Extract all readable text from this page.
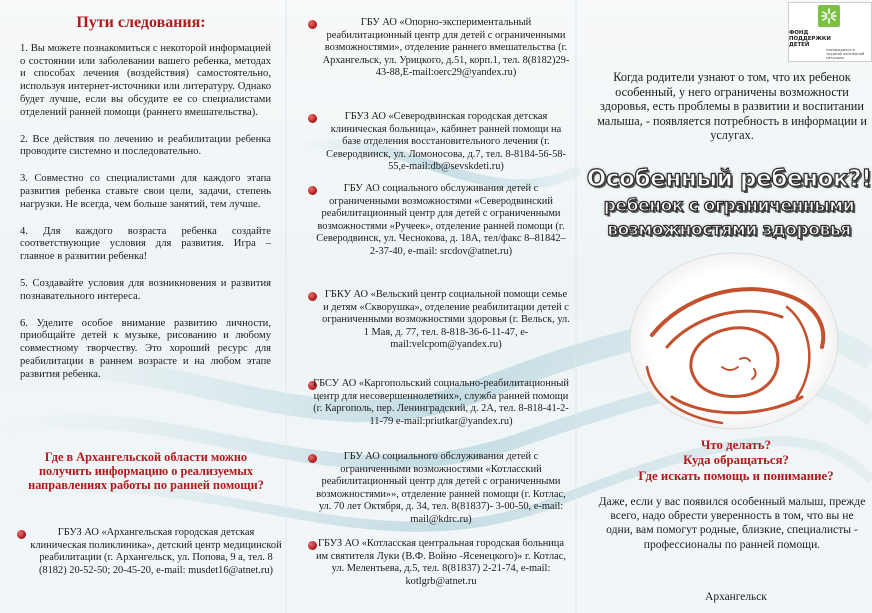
Пути следования:

1. Вы можете познакомиться с некоторой информацией о состоянии или заболевании вашего ребенка, методах и способах лечения (воздействия) самостоятельно, используя интернет-источники или литературу. Однако будет лучше, если вы обсудите ее со специалистами отделений ранней помощи (раннего вмешательства).

2. Все действия по лечению и реабилитации ребенка проводите системно и последовательно.

3. Совместно со специалистами для каждого этапа развития ребенка ставьте свои цели, задачи, степень нагрузки. Не всегда, чем больше занятий, тем лучше.

4. Для каждого возраста ребенка создайте соответствующие условия для развития. Игра – главное в развитии ребенка!

5. Создавайте условия для возникновения и развития познавательного интереса.

6. Уделите особое внимание развитию личности, приобщайте детей к музыке, рисованию и любому совместному творчеству. Это хороший ресурс для реабилитации в раннем возрасте и на любом этапе развития ребенка.

Где в Архангельской области можно получить информацию о реализуемых направлениях работы по ранней помощи?
ГБУЗ АО «Архангельская городская детская клиническая поликлиника», детский центр медицинской реабилитации (г. Архангельск, ул. Попова, 9 а, тел. 8 (8182) 20-52-50; 20-45-20, e-mail: musdet16@atnet.ru)
ГБУ АО «Опорно-экспериментальный реабилитационный центр для детей с ограниченными возможностями», отделение раннего вмешательства (г. Архангельск, ул. Урицкого, д.51, корп.1, тел. 8(8182)29-43-88,E-mail:oerc29@yandex.ru)
ГБУЗ АО «Северодвинская городская детская клиническая больница», кабинет ранней помощи на базе отделения восстановительного лечения (г. Северодвинск, ул. Ломоносова, д.7, тел. 8-8184-56-58-55,e-mail:db@sevskdeti.ru)
ГБУ АО социального обслуживания детей с ограниченными возможностями «Северодвинский реабилитационный центр для детей с ограниченными возможностями «Ручеек», отделение ранней помощи (г. Северодвинск, ул. Чеснокова, д. 18А, тел/факс 8–81842–2-37-40, e-mail: srcdov@atnet.ru)
ГБКУ АО «Вельский центр социальной помощи семье и детям «Скворушка», отделение реабилитации детей с ограниченными возможностями здоровья (г. Вельск, ул. 1 Мая, д. 77, тел. 8-818-36-6-11-47, e-mail:velcpom@yandex.ru)
ГБСУ АО «Каргопольский социально-реабилитационный центр для несовершеннолетних», служба ранней помощи (г. Каргополь, пер. Ленинградский, д. 2А, тел. 8-818-41-2-11-79 e-mail:priutkar@yandex.ru)
ГБУ АО социального обслуживания детей с ограниченными возможностями «Котласский реабилитационный центр для детей с ограниченными возможностями»», отделение ранней помощи (г. Котлас, ул. 70 лет Октября, д. 34, тел. 8(81837)- 3-00-50, e-mail: mail@kdrc.ru)
ГБУЗ АО «Котласская центральная городская больница им святителя Луки (В.Ф. Войно -Ясенецкого)» г. Котлас, ул. Мелентьева, д.5, тел. 8(81837) 2-21-74, e-mail: kotlgrb@atnet.ru
ФОНД
ПОДДЕРЖКИ
ДЕТЕЙ
находящихся в трудной жизненной ситуации
Когда родители узнают о том, что их ребенок особенный, у него ограничены возможности здоровья, есть проблемы в развитии и воспитании малыша, - появляется потребность в информации и услугах.
Особенный ребенок?!
ребенок с ограниченными
возможностями здоровья
Что делать?
Куда обращаться?
Где искать помощь и понимание?
Даже, если у вас появился особенный малыш, прежде всего, надо обрести уверенность в том, что вы не одни, вам помогут родные, близкие, специалисты - профессионалы по ранней помощи.
Архангельск
